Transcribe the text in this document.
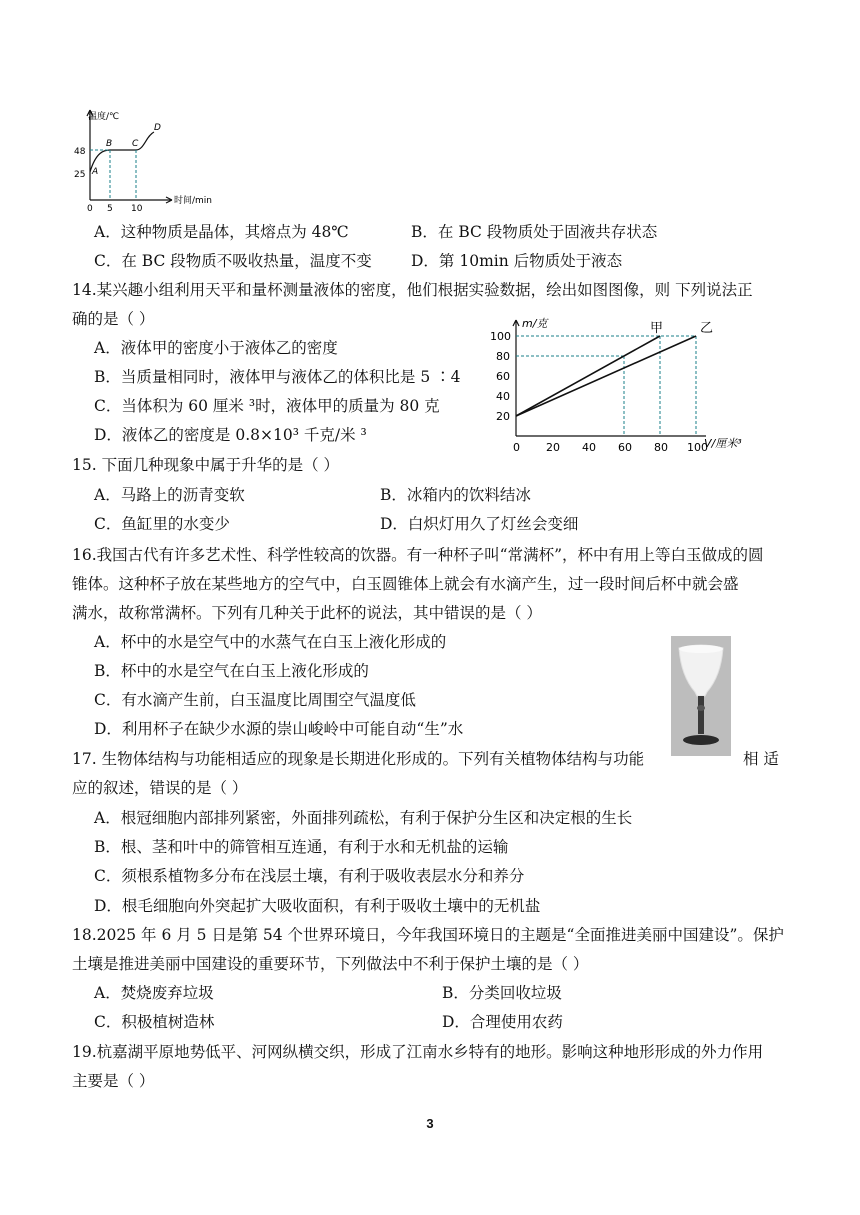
温度/℃
时间/min
48
25
0 5 10
A
B C
D
A．这种物质是晶体，其熔点为 48℃	B．在 BC 段物质处于固液共存状态
C．在 BC 段物质不吸收热量，温度不变	D．第 10min 后物质处于液态
14.某兴趣小组利用天平和量杯测量液体的密度，他们根据实验数据，绘出如图图像，则 下列说法正
确的是（ ）
A．液体甲的密度小于液体乙的密度
B．当质量相同时，液体甲与液体乙的体积比是 5 ∶4
C．当体积为 60 厘米 ³时，液体甲的质量为 80 克
D．液体乙的密度是 0.8×10³ 千克/米 ³
m/克
V/厘米³
甲	乙
0 20 40 60 80 100
20
40
60
80
100
15. 下面几种现象中属于升华的是（ ）
A．马路上的沥青变软	B．冰箱内的饮料结冰
C．鱼缸里的水变少	D．白炽灯用久了灯丝会变细
16.我国古代有许多艺术性、科学性较高的饮器。有一种杯子叫“常满杯”，杯中有用上等白玉做成的圆
锥体。这种杯子放在某些地方的空气中，白玉圆锥体上就会有水滴产生，过一段时间后杯中就会盛
满水，故称常满杯。下列有几种关于此杯的说法，其中错误的是（ ）
A．杯中的水是空气中的水蒸气在白玉上液化形成的
B．杯中的水是空气在白玉上液化形成的
C．有水滴产生前，白玉温度比周围空气温度低
D．利用杯子在缺少水源的崇山峻岭中可能自动“生”水
17. 生物体结构与功能相适应的现象是长期进化形成的。下列有关植物体结构与功能	相 适
应的叙述，错误的是（ ）
A．根冠细胞内部排列紧密，外面排列疏松，有利于保护分生区和决定根的生长
B．根、茎和叶中的筛管相互连通，有利于水和无机盐的运输
C．须根系植物多分布在浅层土壤，有利于吸收表层水分和养分
D．根毛细胞向外突起扩大吸收面积，有利于吸收土壤中的无机盐
18.2025 年 6 月 5 日是第 54 个世界环境日，今年我国环境日的主题是“全面推进美丽中国建设”。保护
土壤是推进美丽中国建设的重要环节，下列做法中不利于保护土壤的是（ ）
A．焚烧废弃垃圾	B．分类回收垃圾
C．积极植树造林	D．合理使用农药
19.杭嘉湖平原地势低平、河网纵横交织，形成了江南水乡特有的地形。影响这种地形形成的外力作用
主要是（ ）
3
